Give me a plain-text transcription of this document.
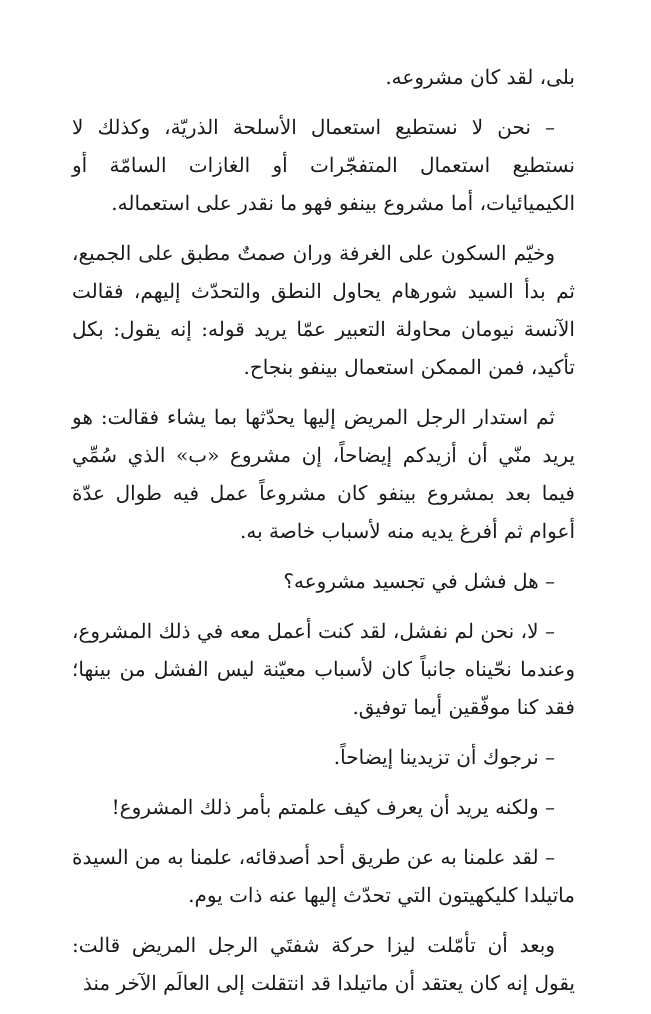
بلى، لقد كان مشروعه.

– نحن لا نستطيع استعمال الأسلحة الذريّة، وكذلك لا نستطيع استعمال المتفجّرات أو الغازات السامّة أو الكيميائيات، أما مشروع بينفو فهو ما نقدر على استعماله.

وخيّم السكون على الغرفة وران صمتٌ مطبق على الجميع، ثم بدأ السيد شورهام يحاول النطق والتحدّث إليهم، فقالت الآنسة نيومان محاولة التعبير عمّا يريد قوله: إنه يقول: بكل تأكيد، فمن الممكن استعمال بينفو بنجاح.

ثم استدار الرجل المريض إليها يحدّثها بما يشاء فقالت: هو يريد منّي أن أزيدكم إيضاحاً، إن مشروع «ب» الذي سُمِّي فيما بعد بمشروع بينفو كان مشروعاً عمل فيه طوال عدّة أعوام ثم أفرغ يديه منه لأسباب خاصة به.

– هل فشل في تجسيد مشروعه؟

– لا، نحن لم نفشل، لقد كنت أعمل معه في ذلك المشروع، وعندما نحّيناه جانباً كان لأسباب معيّنة ليس الفشل من بينها؛ فقد كنا موفّقين أيما توفيق.

– نرجوك أن تزيدينا إيضاحاً.

– ولكنه يريد أن يعرف كيف علمتم بأمر ذلك المشروع!

– لقد علمنا به عن طريق أحد أصدقائه، علمنا به من السيدة ماتيلدا كليكهيتون التي تحدّث إليها عنه ذات يوم.

وبعد أن تأمّلت ليزا حركة شفتَي الرجل المريض قالت: يقول إنه كان يعتقد أن ماتيلدا قد انتقلت إلى العالَم الآخر منذ
